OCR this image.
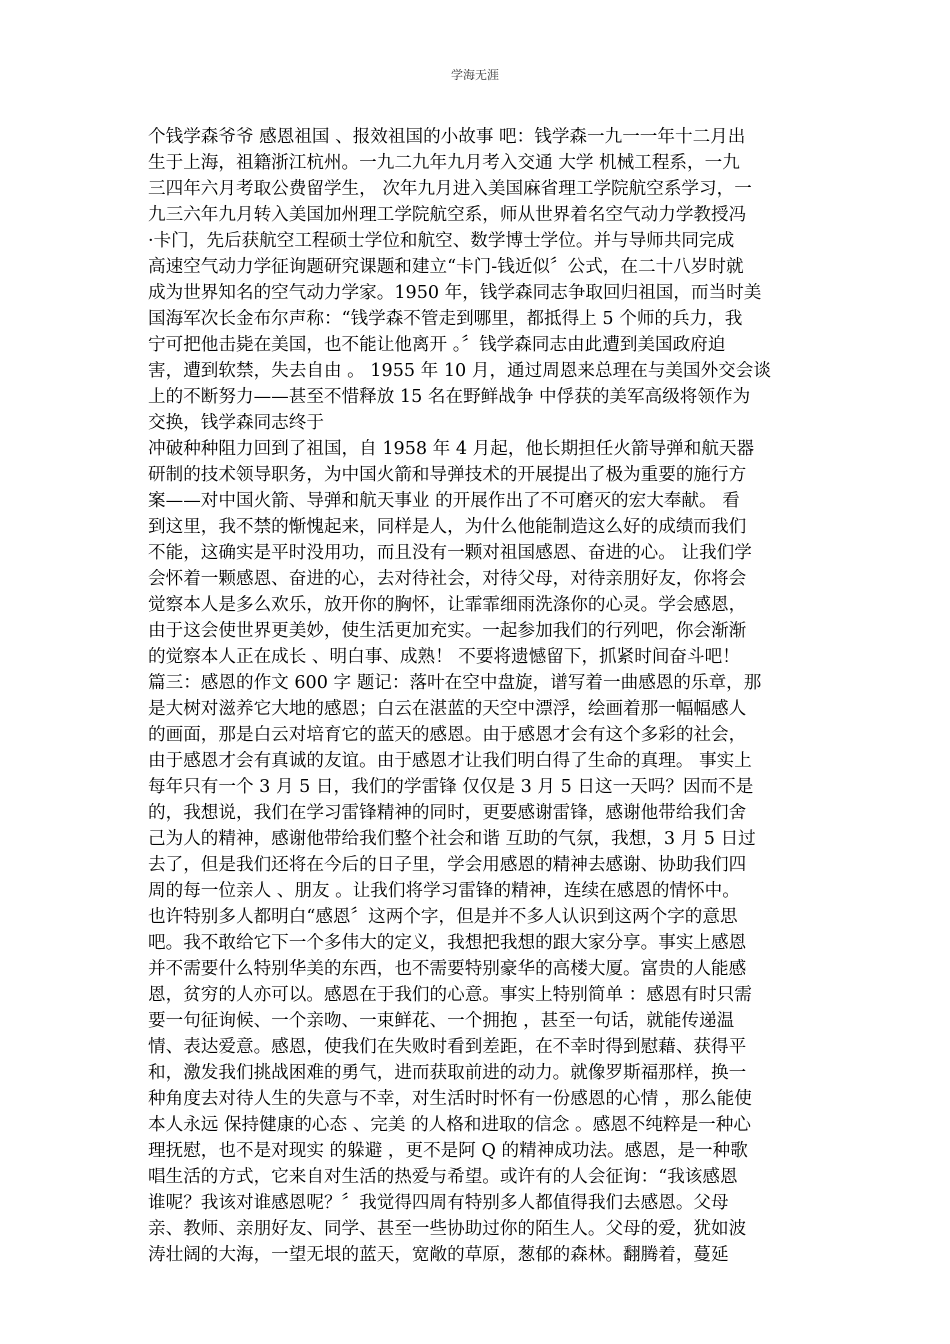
学海无涯
个钱学森爷爷 感恩祖国 、报效祖国的小故事 吧：钱学森一九一一年十二月出
生于上海，祖籍浙江杭州。一九二九年九月考入交通 大学 机械工程系，一九
三四年六月考取公费留学生， 次年九月进入美国麻省理工学院航空系学习，一
九三六年九月转入美国加州理工学院航空系，师从世界着名空气动力学教授冯
·卡门，先后获航空工程硕士学位和航空、数学博士学位。并与导师共同完成
高速空气动力学征询题研究课题和建立“卡门-钱近似〞公式，在二十八岁时就
成为世界知名的空气动力学家。1950 年，钱学森同志争取回归祖国，而当时美
国海军次长金布尔声称：“钱学森不管走到哪里，都抵得上 5 个师的兵力，我
宁可把他击毙在美国，也不能让他离开 。〞钱学森同志由此遭到美国政府迫
害，遭到软禁，失去自由 。 1955 年 10 月，通过周恩来总理在与美国外交会谈
上的不断努力——甚至不惜释放 15 名在野鲜战争 中俘获的美军高级将领作为
交换，钱学森同志终于
冲破种种阻力回到了祖国，自 1958 年 4 月起，他长期担任火箭导弹和航天器
研制的技术领导职务，为中国火箭和导弹技术的开展提出了极为重要的施行方
案——对中国火箭、导弹和航天事业 的开展作出了不可磨灭的宏大奉献。 看
到这里，我不禁的惭愧起来，同样是人，为什么他能制造这么好的成绩而我们
不能，这确实是平时没用功，而且没有一颗对祖国感恩、奋进的心。 让我们学
会怀着一颗感恩、奋进的心，去对待社会，对待父母，对待亲朋好友，你将会
觉察本人是多么欢乐，放开你的胸怀，让霏霏细雨洗涤你的心灵。学会感恩，
由于这会使世界更美妙，使生活更加充实。一起参加我们的行列吧，你会渐渐
的觉察本人正在成长 、明白事、成熟！ 不要将遗憾留下，抓紧时间奋斗吧！
篇三：感恩的作文 600 字 题记：落叶在空中盘旋，谱写着一曲感恩的乐章，那
是大树对滋养它大地的感恩；白云在湛蓝的天空中漂浮，绘画着那一幅幅感人
的画面，那是白云对培育它的蓝天的感恩。由于感恩才会有这个多彩的社会，
由于感恩才会有真诚的友谊。由于感恩才让我们明白得了生命的真理。 事实上
每年只有一个 3 月 5 日，我们的学雷锋 仅仅是 3 月 5 日这一天吗？因而不是
的，我想说，我们在学习雷锋精神的同时，更要感谢雷锋，感谢他带给我们舍
己为人的精神，感谢他带给我们整个社会和谐 互助的气氛，我想，3 月 5 日过
去了，但是我们还将在今后的日子里，学会用感恩的精神去感谢、协助我们四
周的每一位亲人 、朋友 。让我们将学习雷锋的精神，连续在感恩的情怀中。
也许特别多人都明白“感恩〞这两个字，但是并不多人认识到这两个字的意思
吧。我不敢给它下一个多伟大的定义，我想把我想的跟大家分享。事实上感恩
并不需要什么特别华美的东西，也不需要特别豪华的高楼大厦。富贵的人能感
恩，贫穷的人亦可以。感恩在于我们的心意。事实上特别简单 ：感恩有时只需
要一句征询候、一个亲吻、一束鲜花、一个拥抱 ，甚至一句话，就能传递温
情、表达爱意。感恩，使我们在失败时看到差距，在不幸时得到慰藉、获得平
和，激发我们挑战困难的勇气，进而获取前进的动力。就像罗斯福那样，换一
种角度去对待人生的失意与不幸，对生活时时怀有一份感恩的心情 ，那么能使
本人永远 保持健康的心态 、完美 的人格和进取的信念 。感恩不纯粹是一种心
理抚慰，也不是对现实 的躲避 ，更不是阿 Q 的精神成功法。感恩，是一种歌
唱生活的方式，它来自对生活的热爱与希望。或许有的人会征询：“我该感恩
谁呢？我该对谁感恩呢？〞我觉得四周有特别多人都值得我们去感恩。父母
亲、教师、亲朋好友、同学、甚至一些协助过你的陌生人。父母的爱，犹如波
涛壮阔的大海，一望无垠的蓝天，宽敞的草原，葱郁的森林。翻腾着，蔓延
